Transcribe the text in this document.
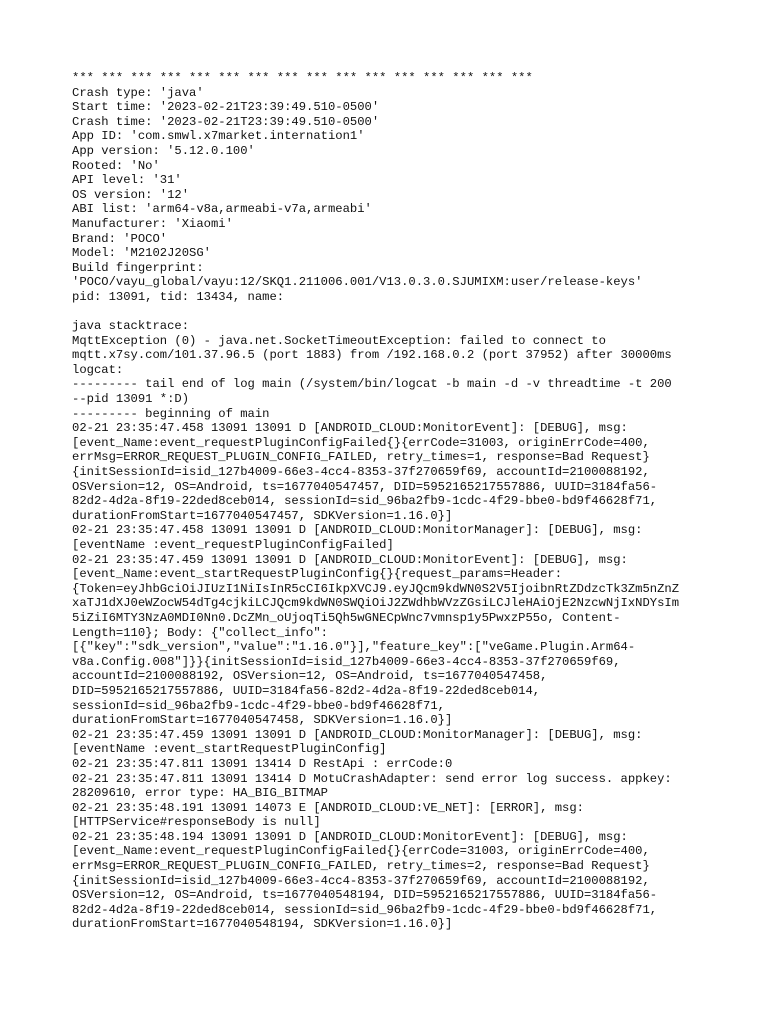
*** *** *** *** *** *** *** *** *** *** *** *** *** *** *** ***
Crash type: 'java'
Start time: '2023-02-21T23:39:49.510-0500'
Crash time: '2023-02-21T23:39:49.510-0500'
App ID: 'com.smwl.x7market.internation1'
App version: '5.12.0.100'
Rooted: 'No'
API level: '31'
OS version: '12'
ABI list: 'arm64-v8a,armeabi-v7a,armeabi'
Manufacturer: 'Xiaomi'
Brand: 'POCO'
Model: 'M2102J20SG'
Build fingerprint:
'POCO/vayu_global/vayu:12/SKQ1.211006.001/V13.0.3.0.SJUMIXM:user/release-keys'
pid: 13091, tid: 13434, name:
java stacktrace:
MqttException (0) - java.net.SocketTimeoutException: failed to connect to
mqtt.x7sy.com/101.37.96.5 (port 1883) from /192.168.0.2 (port 37952) after 30000ms
logcat:
--------- tail end of log main (/system/bin/logcat -b main -d -v threadtime -t 200
--pid 13091 *:D)
--------- beginning of main
02-21 23:35:47.458 13091 13091 D [ANDROID_CLOUD:MonitorEvent]: [DEBUG], msg:
[event_Name:event_requestPluginConfigFailed{}{errCode=31003, originErrCode=400,
errMsg=ERROR_REQUEST_PLUGIN_CONFIG_FAILED, retry_times=1, response=Bad Request}
{initSessionId=isid_127b4009-66e3-4cc4-8353-37f270659f69, accountId=2100088192,
OSVersion=12, OS=Android, ts=1677040547457, DID=5952165217557886, UUID=3184fa56-
82d2-4d2a-8f19-22ded8ceb014, sessionId=sid_96ba2fb9-1cdc-4f29-bbe0-bd9f46628f71,
durationFromStart=1677040547457, SDKVersion=1.16.0}]
02-21 23:35:47.458 13091 13091 D [ANDROID_CLOUD:MonitorManager]: [DEBUG], msg:
[eventName :event_requestPluginConfigFailed]
02-21 23:35:47.459 13091 13091 D [ANDROID_CLOUD:MonitorEvent]: [DEBUG], msg:
[event_Name:event_startRequestPluginConfig{}{request_params=Header:
{Token=eyJhbGciOiJIUzI1NiIsInR5cCI6IkpXVCJ9.eyJQcm9kdWN0S2V5IjoibnRtZDdzcTk3Zm5nZnZ
xaTJ1dXJ0eWZocW54dTg4cjkiLCJQcm9kdWN0SWQiOiJ2ZWdhbWVzZGsiLCJleHAiOjE2NzcwNjIxNDYsIm
5iZiI6MTY3NzA0MDI0Nn0.DcZMn_oUjoqTi5Qh5wGNECpWnc7vmnsp1y5PwxzP55o, Content-
Length=110}; Body: {"collect_info":
[{"key":"sdk_version","value":"1.16.0"}],"feature_key":["veGame.Plugin.Arm64-
v8a.Config.008"]}}{initSessionId=isid_127b4009-66e3-4cc4-8353-37f270659f69,
accountId=2100088192, OSVersion=12, OS=Android, ts=1677040547458,
DID=5952165217557886, UUID=3184fa56-82d2-4d2a-8f19-22ded8ceb014,
sessionId=sid_96ba2fb9-1cdc-4f29-bbe0-bd9f46628f71,
durationFromStart=1677040547458, SDKVersion=1.16.0}]
02-21 23:35:47.459 13091 13091 D [ANDROID_CLOUD:MonitorManager]: [DEBUG], msg:
[eventName :event_startRequestPluginConfig]
02-21 23:35:47.811 13091 13414 D RestApi : errCode:0
02-21 23:35:47.811 13091 13414 D MotuCrashAdapter: send error log success. appkey:
28209610, error type: HA_BIG_BITMAP
02-21 23:35:48.191 13091 14073 E [ANDROID_CLOUD:VE_NET]: [ERROR], msg:
[HTTPService#responseBody is null]
02-21 23:35:48.194 13091 13091 D [ANDROID_CLOUD:MonitorEvent]: [DEBUG], msg:
[event_Name:event_requestPluginConfigFailed{}{errCode=31003, originErrCode=400,
errMsg=ERROR_REQUEST_PLUGIN_CONFIG_FAILED, retry_times=2, response=Bad Request}
{initSessionId=isid_127b4009-66e3-4cc4-8353-37f270659f69, accountId=2100088192,
OSVersion=12, OS=Android, ts=1677040548194, DID=5952165217557886, UUID=3184fa56-
82d2-4d2a-8f19-22ded8ceb014, sessionId=sid_96ba2fb9-1cdc-4f29-bbe0-bd9f46628f71,
durationFromStart=1677040548194, SDKVersion=1.16.0}]
